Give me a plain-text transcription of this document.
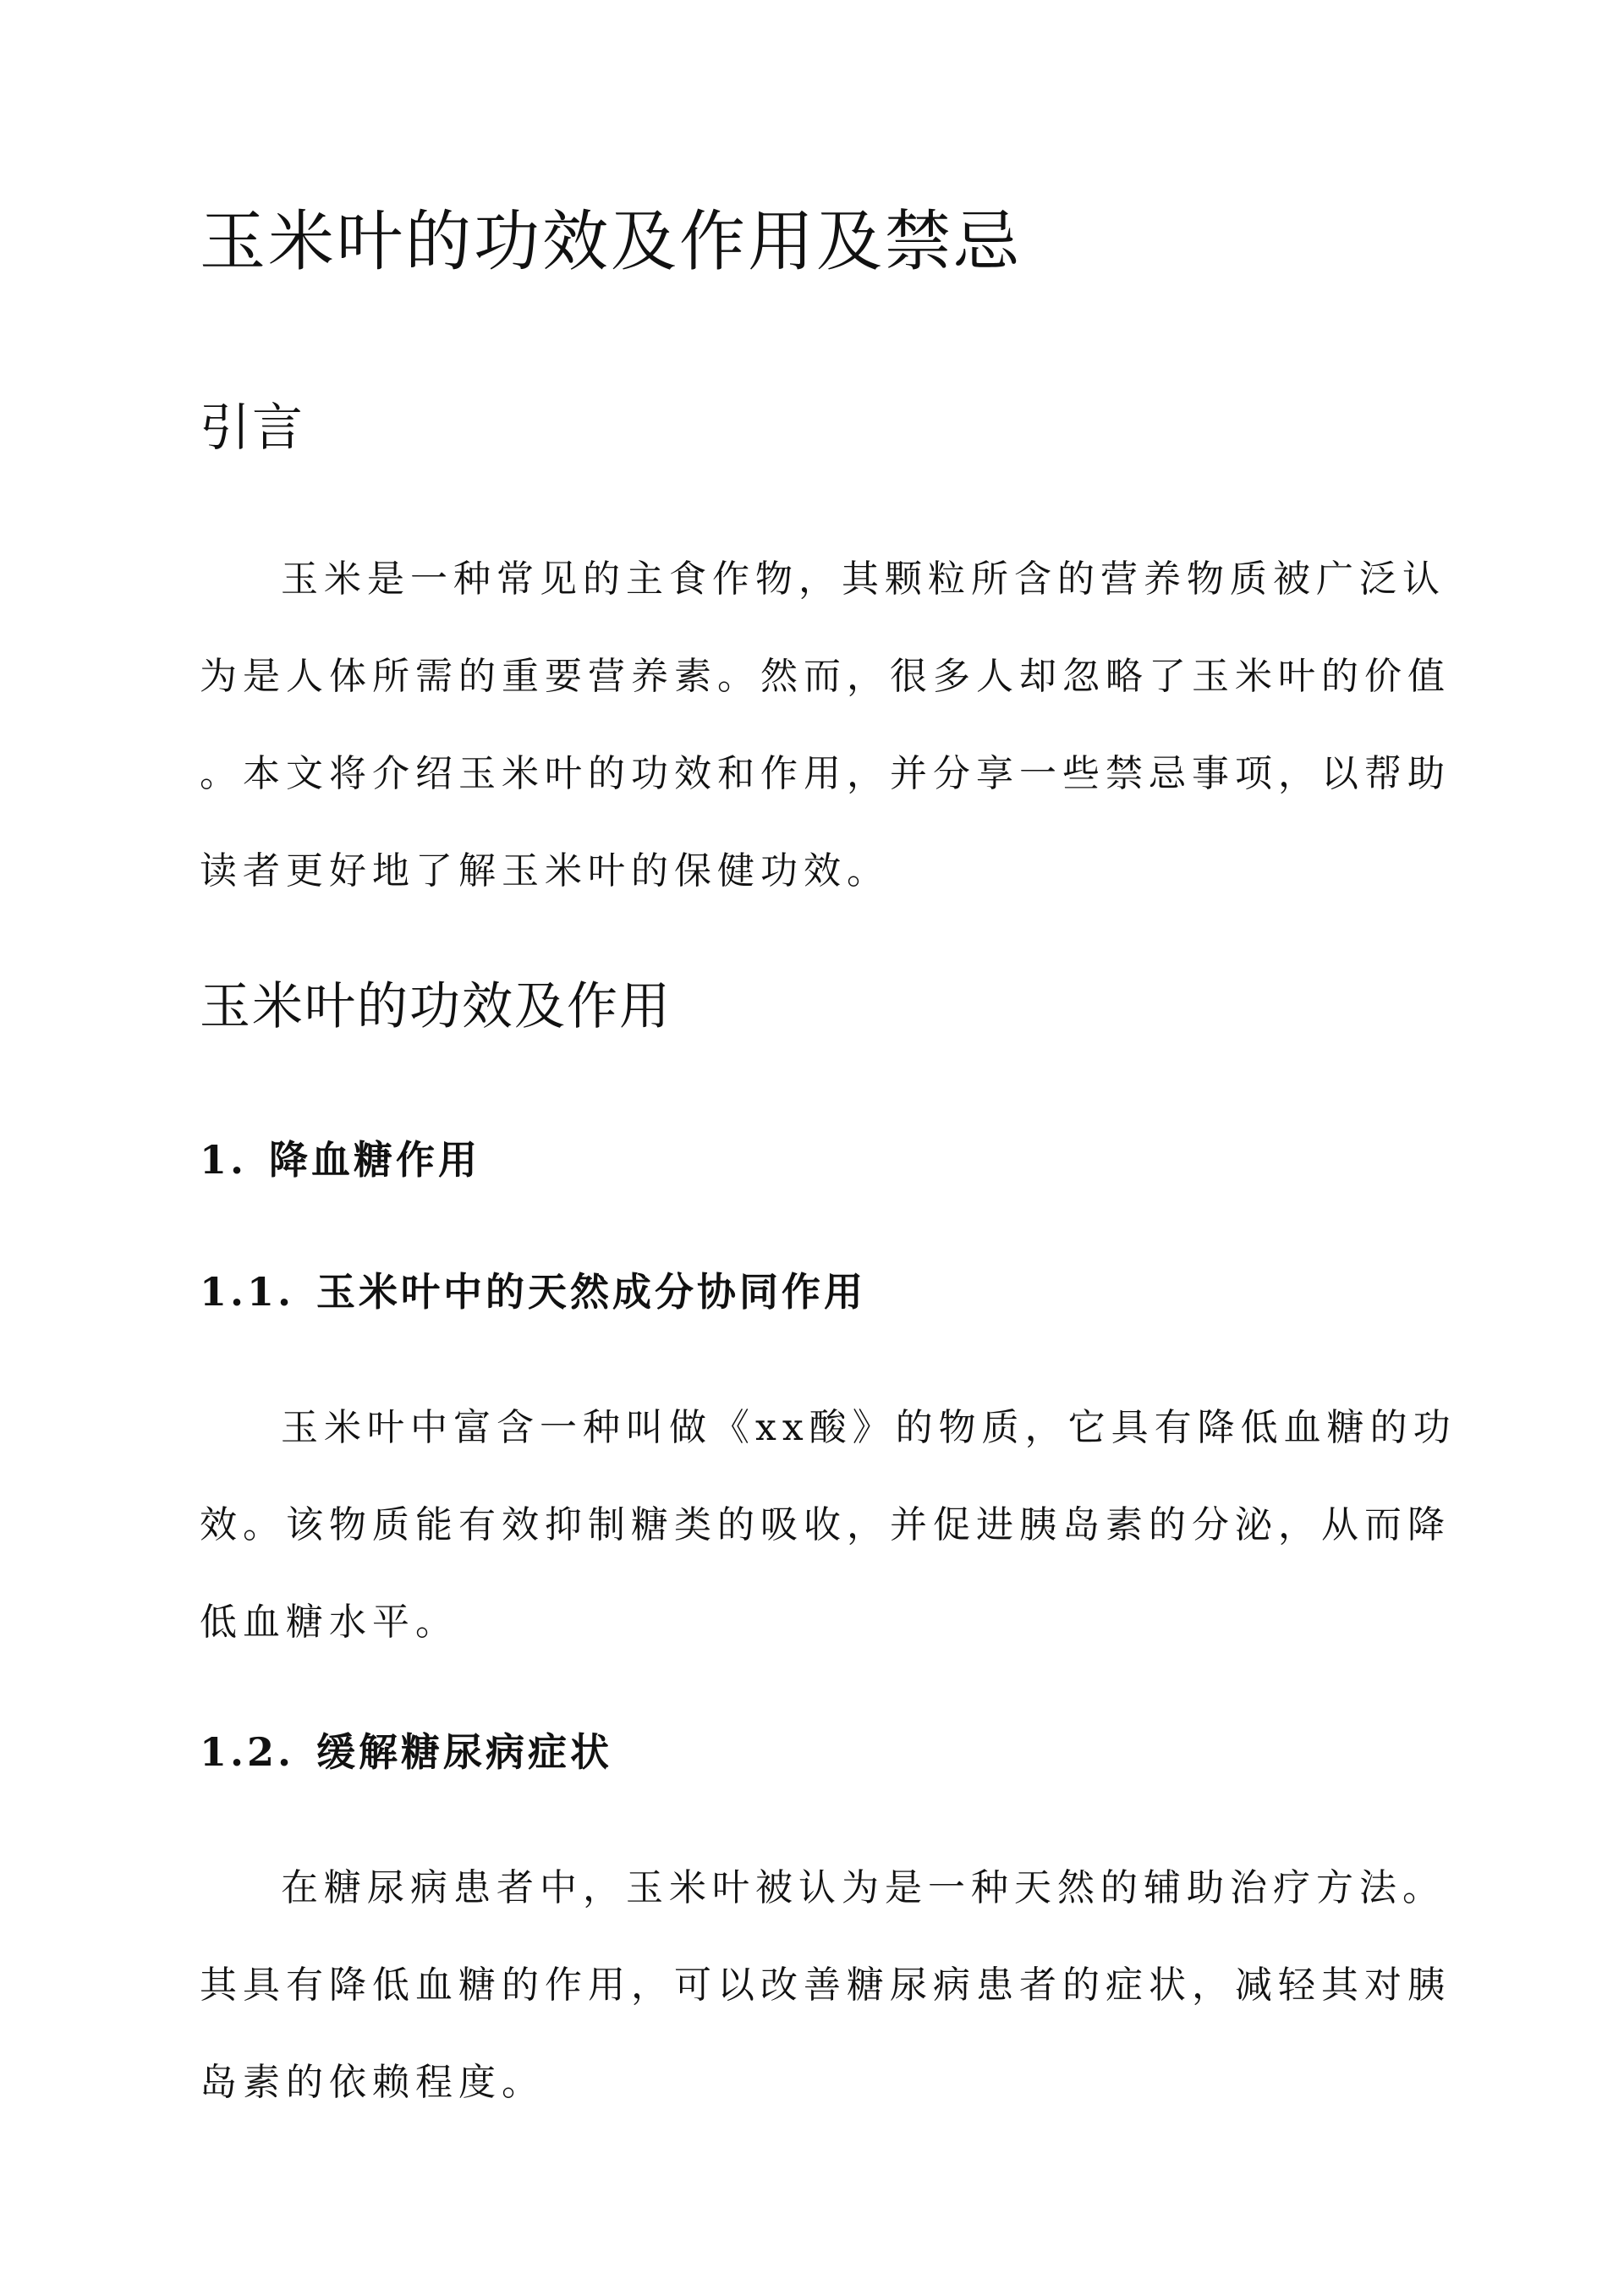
玉米叶的功效及作用及禁忌
引言
玉米是一种常见的主食作物，其颗粒所含的营养物质被广泛认
为是人体所需的重要营养素。然而，很多人却忽略了玉米叶的价值
。本文将介绍玉米叶的功效和作用，并分享一些禁忌事项，以帮助
读者更好地了解玉米叶的保健功效。
玉米叶的功效及作用
1. 降血糖作用
1.1. 玉米叶中的天然成分协同作用
玉米叶中富含一种叫做《xx酸》的物质，它具有降低血糖的功
效。该物质能有效抑制糖类的吸收，并促进胰岛素的分泌，从而降
低血糖水平。
1.2. 缓解糖尿病症状
在糖尿病患者中，玉米叶被认为是一种天然的辅助治疗方法。
其具有降低血糖的作用，可以改善糖尿病患者的症状，减轻其对胰
岛素的依赖程度。
